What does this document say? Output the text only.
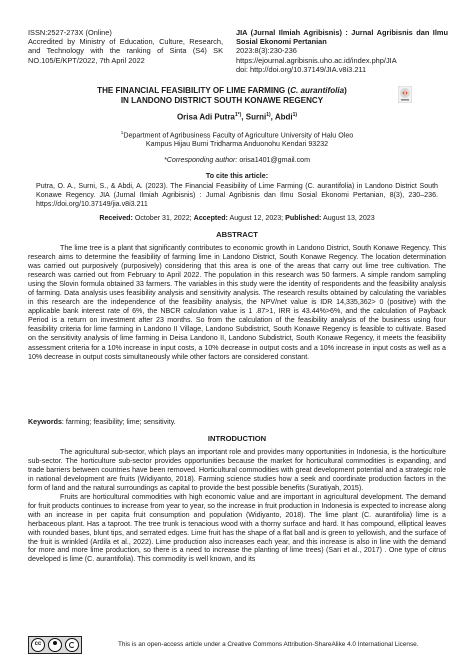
ISSN:2527-273X (Online)
Accredited by Ministry of Education, Culture, Research, and Technology with the ranking of Sinta (S4) SK NO.105/E/KPT/2022, 7th April 2022
JIA (Jurnal Ilmiah Agribisnis) : Jurnal Agribisnis dan Ilmu Sosial Ekonomi Pertanian
2023:8(3):230-236
https://ejournal.agribisnis.uho.ac.id/index.php/JIA
doi: http://doi.org/10.37149/JIA.v8i3.211
THE FINANCIAL FEASIBILITY OF LIME FARMING (C. aurantifolia)
IN LANDONO DISTRICT SOUTH KONAWE REGENCY
Orisa Adi Putra$^{1*)}$, Surni$^{1)}$, Abdi$^{1)}$
$^1$Department of Agribusiness Faculty of Agriculture University of Halu Oleo
Kampus Hijau Bumi Tridharma Anduonohu Kendari 93232
*Corresponding author: orisa1401@gmail.com
To cite this article:
Putra, O. A., Surni, S., & Abdi, A. (2023). The Financial Feasibility of Lime Farming (C. aurantifolia) in Landono District South Konawe Regency. JIA (Jurnal Ilmiah Agribisnis) : Jurnal Agribisnis dan Ilmu Sosial Ekonomi Pertanian, 8(3), 230–236. https://doi.org/10.37149/jia.v8i3.211
Received: October 31, 2022; Accepted: August 12, 2023; Published: August 13, 2023
ABSTRACT
The lime tree is a plant that significantly contributes to economic growth in Landono District, South Konawe Regency. This research aims to determine the feasibility of farming lime in Landono District, South Konawe Regency. The location determination was carried out purposively (purposively) considering that this area is one of the areas that carry out lime tree cultivation. The research was carried out from February to April 2022. The population in this research was 50 farmers. A simple random sampling using the Slovin formula obtained 33 farmers. The variables in this study were the identity of respondents and the feasibility analysis of farming. Data analysis uses feasibility analysis and sensitivity analysis. The research results obtained by calculating the variables in this research are the independence of the feasibility analysis, the NPV/net value is IDR 14,335,362> 0 (positive) with the applicable bank interest rate of 6%, the NBCR calculation value is 1 .87>1, IRR is 43.44%>6%, and the calculation of Payback Period is a return on investment after 23 months. So from the calculation of the feasibility analysis of the business using four feasibility criteria for lime farming in Landono II Village, Landono Subdistrict, South Konawe Regency is feasible to cultivate. Based on the sensitivity analysis of lime farming in Deisa Landono II, Landono Subdistrict, South Konawe Regency, it meets the feasibility assessment criteria for a 10% increase in input costs, a 10% decrease in output costs and a 10% increase in input costs as well as a 10% decrease in output costs simultaneously while other factors are considered constant.
Keywords: farming; feasibility; lime; sensitivity.
INTRODUCTION

The agricultural sub-sector, which plays an important role and provides many opportunities in Indonesia, is the horticulture sub-sector. The horticulture sub-sector provides opportunities because the market for horticultural commodities is expanding, and trade barriers between countries have been removed. Horticultural commodities with great development potential and a strategic role in national development are fruits (Widiyanto, 2018). Farming science studies how a seek and coordinate production factors in the form of land and the natural surroundings as capital to provide the best possible benefits (Suratiyah, 2015).

Fruits are horticultural commodities with high economic value and are important in agricultural development. The demand for fruit products continues to increase from year to year, so the increase in fruit production in Indonesia is expected to increase along with an increase in per capita fruit consumption and population (Widiyanto, 2018). The lime plant (C. aurantifolia) lime is a herbaceous plant. Has a taproot. The tree trunk is tenacious wood with a thorny surface and hard. It has compound, elliptical leaves with rounded bases, blunt tips, and serrated edges. Lime fruit has the shape of a flat ball and is green to yellowish, and the surface of the fruit is wrinkled (Ardila et al., 2022). Lime production also increases each year, and this increase is also in line with the demand for more and more lime production, so there is a need to increase the planting of lime trees) (Sari et al., 2017) . One type of citrus developed is lime (C. aurantifolia). This commodity is well known, and its

cc	This is an open-access article under a Creative Commons Attribution-ShareAlike 4.0 International License.
